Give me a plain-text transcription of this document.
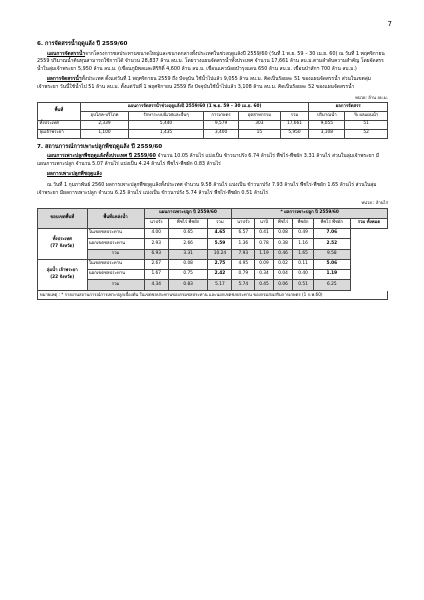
7
6. การจัดสรรน้ำฤดูแล้ง ปี 2559/60

แผนการจัดสรรน้ำจากโครงการชลประทานขนาดใหญ่และขนาดกลางทั้งประเทศในช่วงฤดูแล้งปี 2559/60 (วันที่ 1 พ.ย. 59 – 30 เม.ย. 60) ณ วันที่ 1 พฤศจิกายน 2559 ปริมาณน้ำต้นทุนสามารถใช้การได้ จำนวน 28,837 ล้าน ลบ.ม. โดยวางแผนจัดสรรน้ำทั้งประเทศ จำนวน 17,661 ล้าน ลบ.ม.ตามลำดับความสำคัญ โดยจัดสรรน้ำในลุ่มเจ้าพระยา 5,950 ล้าน ลบ.ม. (เขื่อนภูมิพลและสิริกิติ์ 4,600 ล้าน ลบ.ม. เขื่อนแควน้อยบำรุงแดน 650 ล้าน ลบ.ม. เขื่อนป่าสักฯ 700 ล้าน ลบ.ม.)

ผลการจัดสรรน้ำทั้งประเทศ ตั้งแต่วันที่ 1 พฤศจิกายน 2559 ถึง ปัจจุบัน ใช้น้ำไปแล้ว 9,055 ล้าน ลบ.ม. คิดเป็นร้อยละ 51 ของแผนจัดสรรน้ำ ส่วนในเขตลุ่มเจ้าพระยา วันนี้ใช้น้ำไป 51 ล้าน ลบ.ม. ตั้งแต่วันที่ 1 พฤศจิกายน 2559 ถึง ปัจจุบันใช้น้ำไปแล้ว 3,108 ล้าน ลบ.ม. คิดเป็นร้อยละ 52 ของแผนจัดสรรน้ำ

หน่วย: ล้าน ลบ.ม.
พื้นที่	แผนการจัดสรรน้ำช่วงฤดูแล้งปี 2559/60 (1 พ.ย. 59 – 30 เม.ย. 60)					ผลการจัดสรร	
	อุปโภค-บริโภค	รักษาระบบนิเวศและอื่นๆ	การเกษตร	อุตสาหกรรม	รวม	ปริมาณน้ำ	% ผลแผนน้ำ
ทั้งประเทศ	2,339	5,440	9,579	303	17,661	9,055	51
ลุ่มเจ้าพระยา	1,100	1,435	3,400	15	5,950	3,108	52
7. สถานการณ์การเพาะปลูกพืชฤดูแล้ง ปี 2559/60

แผนการเพาะปลูกพืชฤดูแล้งทั้งประเทศ ปี 2559/60 จำนวน 10.05 ล้านไร่ แบ่งเป็น ข้าวนาปรัง 6.74 ล้านไร่ พืชไร่-พืชผัก 3.31 ล้านไร่ ส่วนในลุ่มเจ้าพระยา มีแผนการเพาะปลูก จำนวน 5.07 ล้านไร่ แบ่งเป็น 4.24 ล้านไร่ พืชไร่-พืชผัก 0.83 ล้านไร่

ผลการเพาะปลูกพืชฤดูแล้ง

ณ วันที่ 1 กุมภาพันธ์ 2560 ผลการเพาะปลูกพืชฤดูแล้งทั้งประเทศ จำนวน 9.58 ล้านไร่ แบ่งเป็น ข้าวนาปรัง 7.93 ล้านไร่ พืชไร่-พืชผัก 1.65 ล้านไร่ ส่วนในลุ่มเจ้าพระยา มีผลการเพาะปลูก จำนวน 6.25 ล้านไร่ แบ่งเป็น ข้าวนาปรัง 5.74 ล้านไร่ พืชไร่-พืชผัก 0.51 ล้านไร่

หน่วย : ล้านไร่
ขอบเขตพื้นที่	พื้นที่แหล่งน้ำ	แผนการเพาะปลูก ปี 2559/60			* ผลการเพาะปลูก ปี 2559/60					
		นาปรัง	พืชไร่ พืชผัก	รวม	นาปรัง	นาปี	พืชไร่	พืชผัก	พืชไร่ พืชผัก	รวม ทั้งหมด

ทั้งประเทศ
(77 จังหวัด)	ในเขตชลประทาน	4.00	0.65	4.65	6.57	0.41	0.08	0.49	7.06	
	นอกเขตชลประทาน	2.93	2.66	5.59	1.36	0.78	0.38	1.16	2.52	
	รวม	6.93	3.31	10.24	7.93	1.19	0.46	1.65	9.58	

ลุ่มน้ำ เจ้าพระยา
(22 จังหวัด)	ในเขตชลประทาน	2.67	0.08	2.75	4.95	0.09	0.02	0.11	5.06	
	นอกเขตชลประทาน	1.67	0.75	2.42	0.79	0.34	0.04	0.40	1.19	
	รวม	4.34	0.83	5.17	5.74	0.45	0.06	0.51	6.25	
หมายเหตุ : * รายงานสถานการณ์การเพาะปลูกเบื้องต้น ในเขตชลประทานของกรมชลประทาน และนอกเขตชลประทาน ของกรมส่งเสริมการเกษตร (1 ก.พ.60)
